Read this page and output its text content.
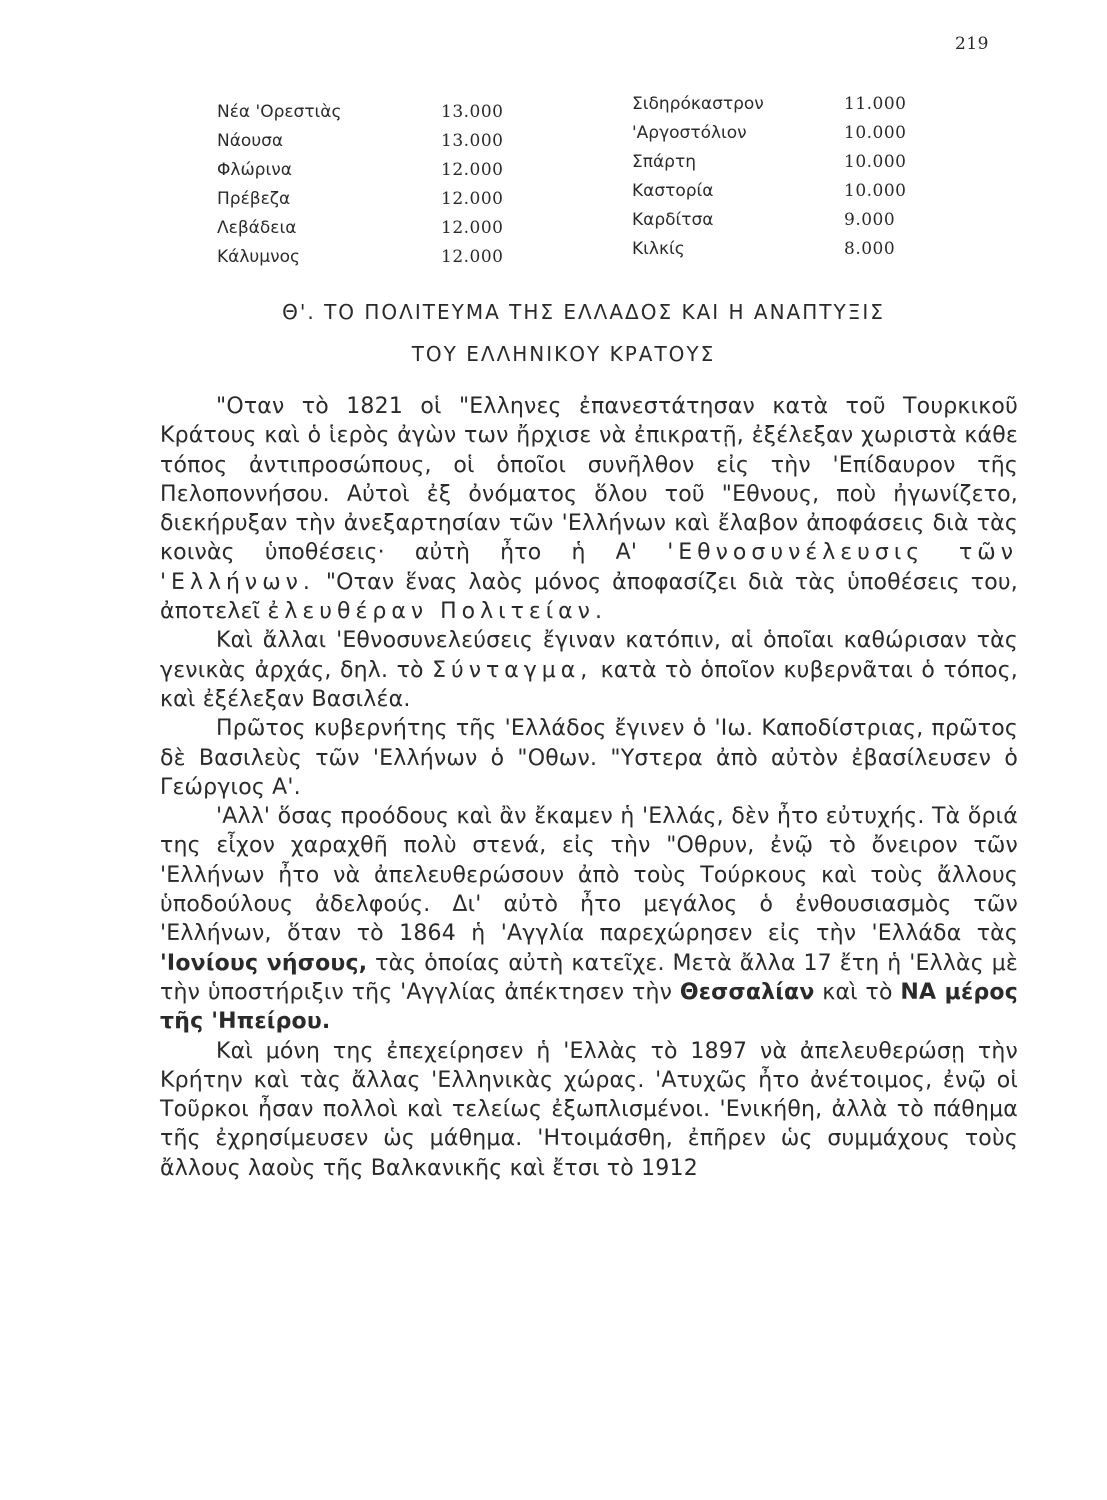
219
Νέα 'Ορεστιὰς	13.000
Νάουσα	13.000
Φλώρινα	12.000
Πρέβεζα	12.000
Λεβάδεια	12.000
Κάλυμνος	12.000
Σιδηρόκαστρον	11.000
'Αργοστόλιον	10.000
Σπάρτη	10.000
Καστορία	10.000
Καρδίτσα	9.000
Κιλκίς	8.000
Θ'. ΤΟ ΠΟΛΙΤΕΥΜΑ ΤΗΣ ΕΛΛΑΔΟΣ ΚΑΙ Η ΑΝΑΠΤΥΞΙΣ
ΤΟΥ ΕΛΛΗΝΙΚΟΥ ΚΡΑΤΟΥΣ

"Οταν τὸ 1821 οἱ "Ελληνες ἐπανεστάτησαν κατὰ τοῦ Τουρκικοῦ Κράτους καὶ ὁ ἱερὸς ἀγὼν των ἤρχισε νὰ ἐπικρατῇ, ἐξέλεξαν χωριστὰ κάθε τόπος ἀντιπροσώπους, οἱ ὁποῖοι συνῆλθον εἰς τὴν 'Επίδαυρον τῆς Πελοποννήσου. Αὐτοὶ ἐξ ὀνόματος ὅλου τοῦ "Εθνους, ποὺ ἠγωνίζετο, διεκήρυξαν τὴν ἀνεξαρτησίαν τῶν 'Ελλήνων καὶ ἔλαβον ἀποφάσεις διὰ τὰς κοινὰς ὑποθέσεις· αὐτὴ ἦτο ἡ Α' 'Εθνοσυνέλευσις τῶν 'Ελλήνων. "Οταν ἕνας λαὸς μόνος ἀποφασίζει διὰ τὰς ὑποθέσεις του, ἀποτελεῖ ἐλευθέραν Πολιτείαν.

Καὶ ἄλλαι 'Εθνοσυνελεύσεις ἔγιναν κατόπιν, αἱ ὁποῖαι καθώρισαν τὰς γενικὰς ἀρχάς, δηλ. τὸ Σύνταγμα, κατὰ τὸ ὁποῖον κυβερνᾶται ὁ τόπος, καὶ ἐξέλεξαν Βασιλέα.

Πρῶτος κυβερνήτης τῆς 'Ελλάδος ἔγινεν ὁ 'Ιω. Καποδίστριας, πρῶτος δὲ Βασιλεὺς τῶν 'Ελλήνων ὁ "Οθων. "Υστερα ἀπὸ αὐτὸν ἐβασίλευσεν ὁ Γεώργιος Α'.

'Αλλ' ὅσας προόδους καὶ ἂν ἔκαμεν ἡ 'Ελλάς, δὲν ἦτο εὐτυχής. Τὰ ὅριά της εἶχον χαραχθῆ πολὺ στενά, εἰς τὴν "Οθρυν, ἐνῷ τὸ ὄνειρον τῶν 'Ελλήνων ἦτο νὰ ἀπελευθερώσουν ἀπὸ τοὺς Τούρκους καὶ τοὺς ἄλλους ὑποδούλους ἀδελφούς. Δι' αὐτὸ ἦτο μεγάλος ὁ ἐνθουσιασμὸς τῶν 'Ελλήνων, ὅταν τὸ 1864 ἡ 'Αγγλία παρεχώρησεν εἰς τὴν 'Ελλάδα τὰς 'Ιονίους νήσους, τὰς ὁποίας αὐτὴ κατεῖχε. Μετὰ ἄλλα 17 ἔτη ἡ 'Ελλὰς μὲ τὴν ὑποστήριξιν τῆς 'Αγγλίας ἀπέκτησεν τὴν Θεσσαλίαν καὶ τὸ ΝΑ μέρος τῆς 'Ηπείρου.

Καὶ μόνη της ἐπεχείρησεν ἡ 'Ελλὰς τὸ 1897 νὰ ἀπελευθερώσῃ τὴν Κρήτην καὶ τὰς ἄλλας 'Ελληνικὰς χώρας. 'Ατυχῶς ἦτο ἀνέτοιμος, ἐνῷ οἱ Τοῦρκοι ἦσαν πολλοὶ καὶ τελείως ἐξωπλισμένοι. 'Ενικήθη, ἀλλὰ τὸ πάθημα τῆς ἐχρησίμευσεν ὡς μάθημα. 'Ητοιμάσθη, ἐπῆρεν ὡς συμμάχους τοὺς ἄλλους λαοὺς τῆς Βαλκανικῆς καὶ ἔτσι τὸ 1912
